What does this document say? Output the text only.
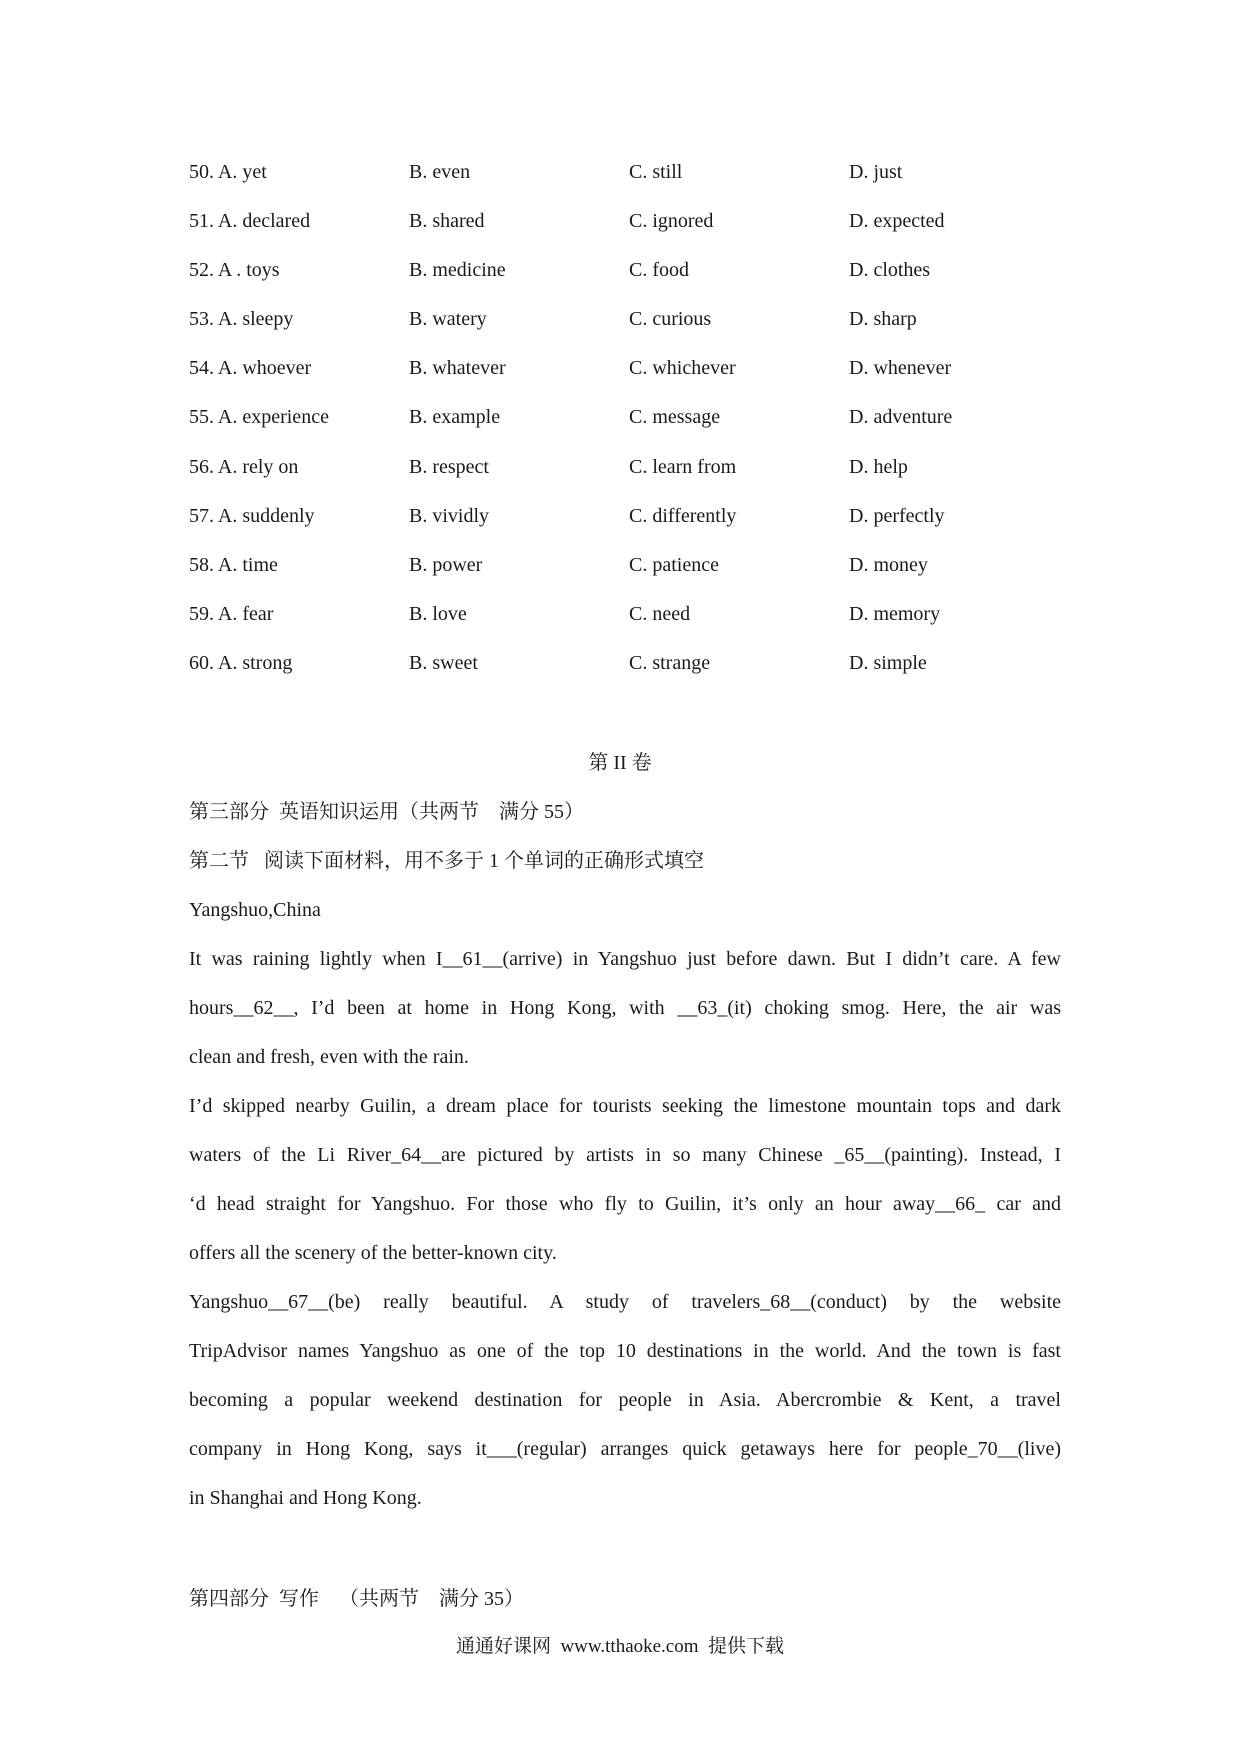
50. A. yet	B. even	C. still	D. just
51. A. declared	B. shared	C. ignored	D. expected
52. A . toys	B. medicine	C. food	D. clothes
53. A. sleepy	B. watery	C. curious	D. sharp
54. A. whoever	B. whatever	C. whichever	D. whenever
55. A. experience	B. example	C. message	D. adventure
56. A. rely on	B. respect	C. learn from	D. help
57. A. suddenly	B. vividly	C. differently	D. perfectly
58. A. time	B. power	C. patience	D. money
59. A. fear	B. love	C. need	D. memory
60. A. strong	B. sweet	C. strange	D. simple
第 II 卷
第三部分  英语知识运用（共两节    满分 55）
第二节   阅读下面材料，用不多于 1 个单词的正确形式填空
Yangshuo,China
It was raining lightly when I__61__(arrive) in Yangshuo just before dawn. But I didn’t care. A few
hours__62__, I’d been at home in Hong Kong, with __63_(it) choking smog. Here, the air was
clean and fresh, even with the rain.
I’d skipped nearby Guilin, a dream place for tourists seeking the limestone mountain tops and dark
waters of the Li River_64__are pictured by artists in so many Chinese _65__(painting). Instead, I
‘d head straight for Yangshuo. For those who fly to Guilin, it’s only an hour away__66_ car and
offers all the scenery of the better-known city.
Yangshuo__67__(be)  really  beautiful.  A  study  of  travelers_68__(conduct)  by  the  website
TripAdvisor names Yangshuo as one of the top 10 destinations in the world. And the town is fast
becoming a popular weekend destination for people in Asia. Abercrombie & Kent, a travel
company in Hong Kong, says it___(regular) arranges quick getaways here for people_70__(live)
in Shanghai and Hong Kong.
第四部分  写作    （共两节    满分 35）
通通好课网  www.tthaoke.com  提供下载
